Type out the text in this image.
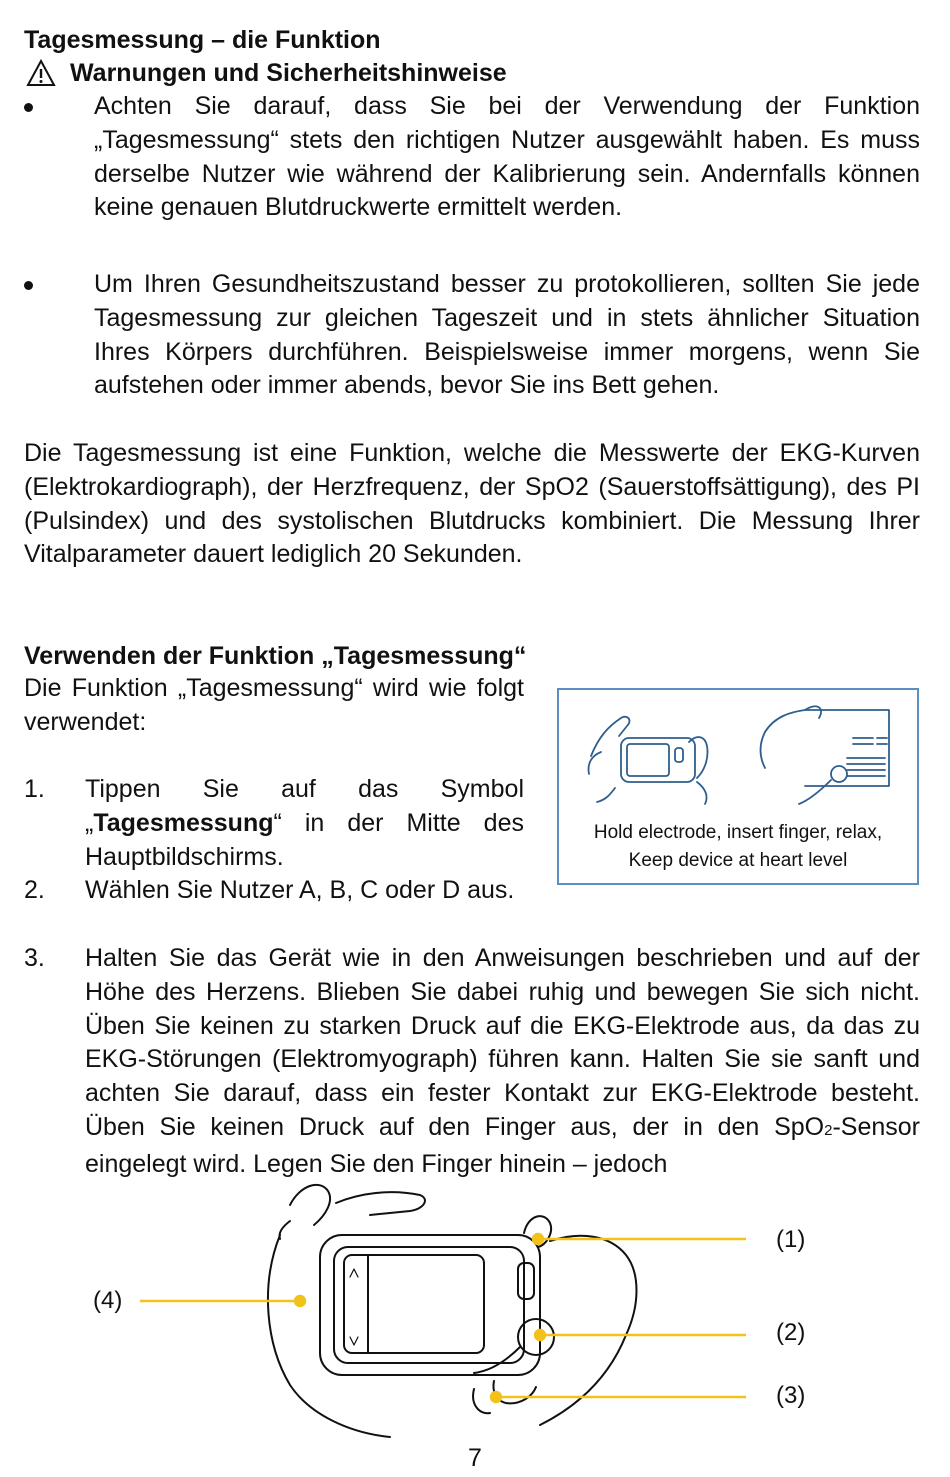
Tagesmessung – die Funktion
Warnungen und Sicherheitshinweise
Achten Sie darauf, dass Sie bei der Verwendung der Funktion „Tagesmessung“ stets den richtigen Nutzer ausgewählt haben. Es muss derselbe Nutzer wie während der Kalibrierung sein. Andernfalls können keine genauen Blutdruckwerte ermittelt werden.
Um Ihren Gesundheitszustand besser zu protokollieren, sollten Sie jede Tagesmessung zur gleichen Tageszeit und in stets ähnlicher Situation Ihres Körpers durchführen. Beispielsweise immer morgens, wenn Sie aufstehen oder immer abends, bevor Sie ins Bett gehen.
Die Tagesmessung ist eine Funktion, welche die Messwerte der EKG-Kurven (Elektrokardiograph), der Herzfrequenz, der SpO2 (Sauerstoffsättigung), des PI (Pulsindex) und des systolischen Blutdrucks kombiniert. Die Messung Ihrer Vitalparameter dauert lediglich 20 Sekunden.
Verwenden der Funktion „Tagesmessung“
Die Funktion „Tagesmessung“ wird wie folgt verwendet:
1. Tippen Sie auf das Symbol „Tagesmessung“ in der Mitte des Hauptbildschirms.
2. Wählen Sie Nutzer A, B, C oder D aus.
3. Halten Sie das Gerät wie in den Anweisungen beschrieben und auf der Höhe des Herzens. Blieben Sie dabei ruhig und bewegen Sie sich nicht. Üben Sie keinen zu starken Druck auf die EKG-Elektrode aus, da das zu EKG-Störungen (Elektromyograph) führen kann. Halten Sie sie sanft und achten Sie darauf, dass ein fester Kontakt zur EKG-Elektrode besteht. Üben Sie keinen Druck auf den Finger aus, der in den SpO2-Sensor eingelegt wird. Legen Sie den Finger hinein – jedoch
Hold electrode, insert finger, relax,
Keep device at heart level
(1)
(2)
(3)
(4)
7
